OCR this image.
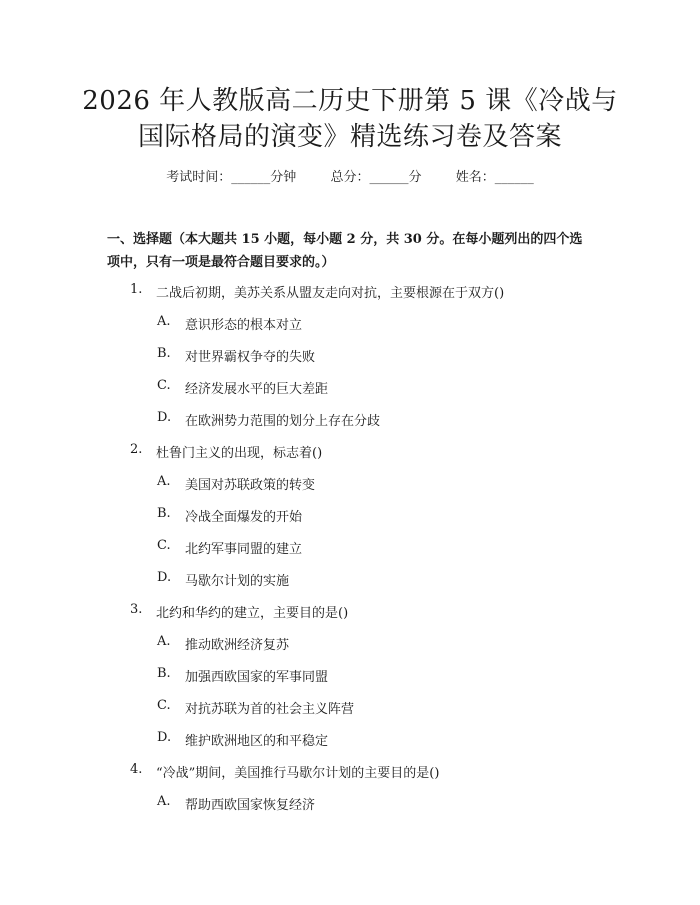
2026 年人教版高二历史下册第 5 课《冷战与
国际格局的演变》精选练习卷及答案
考试时间：______分钟	总分：______分	姓名：______
一、选择题（本大题共 15 小题，每小题 2 分，共 30 分。在每小题列出的四个选
项中，只有一项是最符合题目要求的。）
1. 二战后初期，美苏关系从盟友走向对抗，主要根源在于双方()
A. 意识形态的根本对立
B. 对世界霸权争夺的失败
C. 经济发展水平的巨大差距
D. 在欧洲势力范围的划分上存在分歧
2. 杜鲁门主义的出现，标志着()
A. 美国对苏联政策的转变
B. 冷战全面爆发的开始
C. 北约军事同盟的建立
D. 马歇尔计划的实施
3. 北约和华约的建立，主要目的是()
A. 推动欧洲经济复苏
B. 加强西欧国家的军事同盟
C. 对抗苏联为首的社会主义阵营
D. 维护欧洲地区的和平稳定
4. “冷战”期间，美国推行马歇尔计划的主要目的是()
A. 帮助西欧国家恢复经济
